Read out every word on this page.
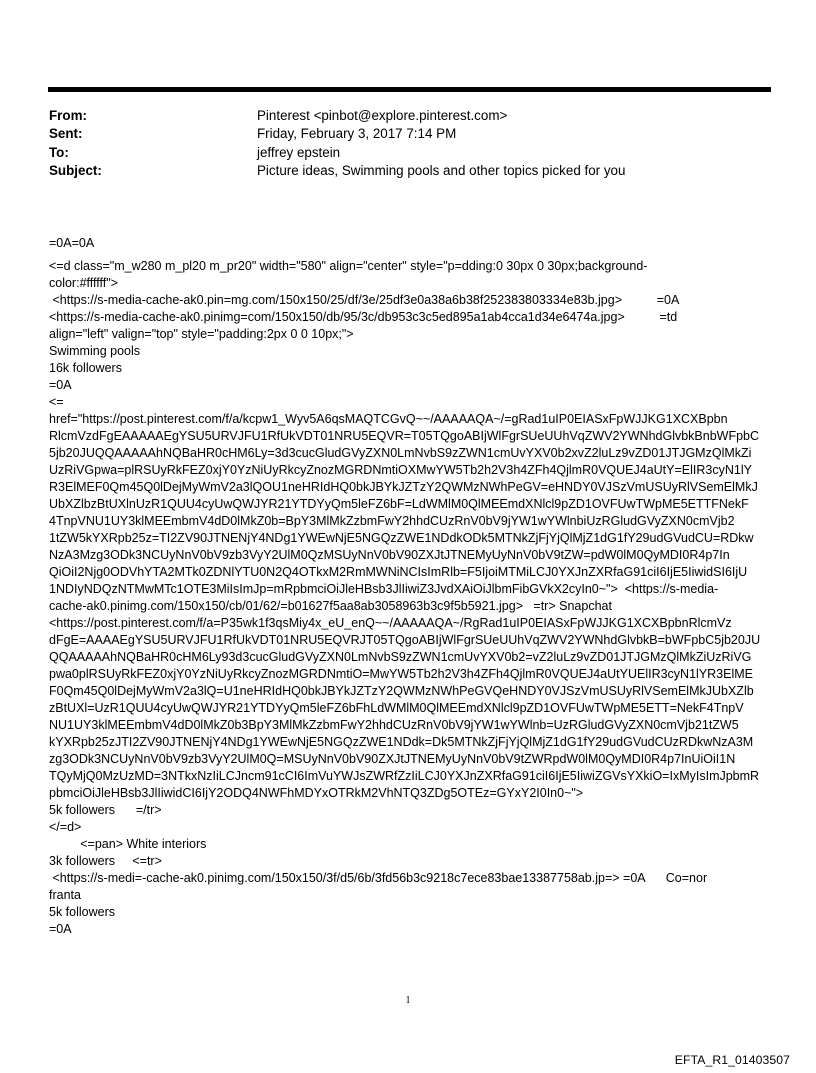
From:	Pinterest <pinbot@explore.pinterest.com>
Sent:	Friday, February 3, 2017 7:14 PM
To:	jeffrey epstein
Subject:	Picture ideas, Swimming pools and other topics picked for you
=0A=0A
<=d class="m_w280 m_pl20 m_pr20" width="580" align="center" style="p=dding:0 30px 0 30px;background-
color:#ffffff">
<https://s-media-cache-ak0.pin=mg.com/150x150/25/df/3e/25df3e0a38a6b38f252383803334e83b.jpg>          =0A
<https://s-media-cache-ak0.pinimg=com/150x150/db/95/3c/db953c3c5ed895a1ab4cca1d34e6474a.jpg>          =td
align="left" valign="top" style="padding:2px 0 0 10px;">
Swimming pools
16k followers
=0A
<=
href="https://post.pinterest.com/f/a/kcpw1_Wyv5A6qsMAQTCGvQ~~/AAAAAQA~/=gRad1uIP0EIASxFpWJJKG1XCXBpbn
RlcmVzdFgEAAAAAEgYSU5URVJFU1RfUkVDT01NRU5EQVR=T05TQgoABIjWlFgrSUeUUhVqZWV2YWNhdGlvbkBnbWFpbC
5jb20JUQQAAAAAhNQBaHR0cHM6Ly=3d3cucGludGVyZXN0LmNvbS9zZWN1cmUvYXV0b2xvZ2luLz9vZD01JTJGMzQlMkZi
UzRiVGpwa=plRSUyRkFEZ0xjY0YzNiUyRkcyZnozMGRDNmtiOXMwYW5Tb2h2V3h4ZFh4QjlmR0VQUEJ4aUtY=ElIR3cyN1lY
R3ElMEF0Qm45Q0lDejMyWmV2a3lQOU1neHRIdHQ0bkJBYkJZTzY2QWMzNWhPeGV=eHNDY0VJSzVmUSUyRlVSemElMkJ
UbXZlbzBtUXlnUzR1QUU4cyUwQWJYR21YTDYyQm5leFZ6bF=LdWMlM0QlMEEmdXNlcl9pZD1OVFUwTWpME5ETTFNekF
4TnpVNU1UY3klMEEmbmV4dD0lMkZ0b=BpY3MlMkZzbmFwY2hhdCUzRnV0bV9jYW1wYWlnbiUzRGludGVyZXN0cmVjb2
1tZW5kYXRpb25z=TI2ZV90JTNENjY4NDg1YWEwNjE5NGQzZWE1NDdkODk5MTNkZjFjYjQlMjZ1dG1fY29udGVudCU=RDkw
NzA3Mzg3ODk3NCUyNnV0bV9zb3VyY2UlM0QzMSUyNnV0bV90ZXJtJTNEMyUyNnV0bV9tZW=pdW0lM0QyMDI0R4p7In
QiOiI2Njg0ODVhYTA2MTk0ZDNlYTU0N2Q4OTkxM2RmMWNiNCIsImRlb=F5IjoiMTMiLCJ0YXJnZXRfaG91ciI6IjE5IiwidSI6IjU
1NDIyNDQzNTMwMTc1OTE3MiIsImJp=mRpbmciOiJleHBsb3JlIiwiZ3JvdXAiOiJlbmFibGVkX2cyIn0~">  <https://s-media-
cache-ak0.pinimg.com/150x150/cb/01/62/=b01627f5aa8ab3058963b3c9f5b5921.jpg>   =tr> Snapchat
<https://post.pinterest.com/f/a=P35wk1f3qsMiy4x_eU_enQ~~/AAAAAQA~/RgRad1uIP0EIASxFpWJJKG1XCXBpbnRlcmVz
dFgE=AAAAEgYSU5URVJFU1RfUkVDT01NRU5EQVRJT05TQgoABIjWlFgrSUeUUhVqZWV2YWNhdGlvbkB=bWFpbC5jb20JU
QQAAAAAhNQBaHR0cHM6Ly93d3cucGludGVyZXN0LmNvbS9zZWN1cmUvYXV0b2=vZ2luLz9vZD01JTJGMzQlMkZiUzRiVG
pwa0plRSUyRkFEZ0xjY0YzNiUyRkcyZnozMGRDNmtiO=MwYW5Tb2h2V3h4ZFh4QjlmR0VQUEJ4aUtYUElIR3cyN1lYR3ElME
F0Qm45Q0lDejMyWmV2a3lQ=U1neHRIdHQ0bkJBYkJZTzY2QWMzNWhPeGVQeHNDY0VJSzVmUSUyRlVSemElMkJUbXZlb
zBtUXl=UzR1QUU4cyUwQWJYR21YTDYyQm5leFZ6bFhLdWMlM0QlMEEmdXNlcl9pZD1OVFUwTWpME5ETT=NekF4TnpV
NU1UY3klMEEmbmV4dD0lMkZ0b3BpY3MlMkZzbmFwY2hhdCUzRnV0bV9jYW1wYWlnb=UzRGludGVyZXN0cmVjb21tZW5
kYXRpb25zJTI2ZV90JTNENjY4NDg1YWEwNjE5NGQzZWE1NDdk=Dk5MTNkZjFjYjQlMjZ1dG1fY29udGVudCUzRDkwNzA3M
zg3ODk3NCUyNnV0bV9zb3VyY2UlM0Q=MSUyNnV0bV90ZXJtJTNEMyUyNnV0bV9tZWRpdW0lM0QyMDI0R4p7InUiOiI1N
TQyMjQ0MzUzMD=3NTkxNzIiLCJncm91cCI6ImVuYWJsZWRfZzIiLCJ0YXJnZXRfaG91ciI6IjE5IiwiZGVsYXkiO=IxMyIsImJpbmR
pbmciOiJleHBsb3JlIiwidCI6IjY2ODQ4NWFhMDYxOTRkM2VhNTQ3ZDg5OTEz=GYxY2I0In0~">
5k followers      =/tr>
</=d>
<=pan> White interiors
3k followers     <=tr>
<https://s-medi=-cache-ak0.pinimg.com/150x150/3f/d5/6b/3fd56b3c9218c7ece83bae13387758ab.jp=> =0A      Co=nor
franta
5k followers
=0A
1
EFTA_R1_01403507
